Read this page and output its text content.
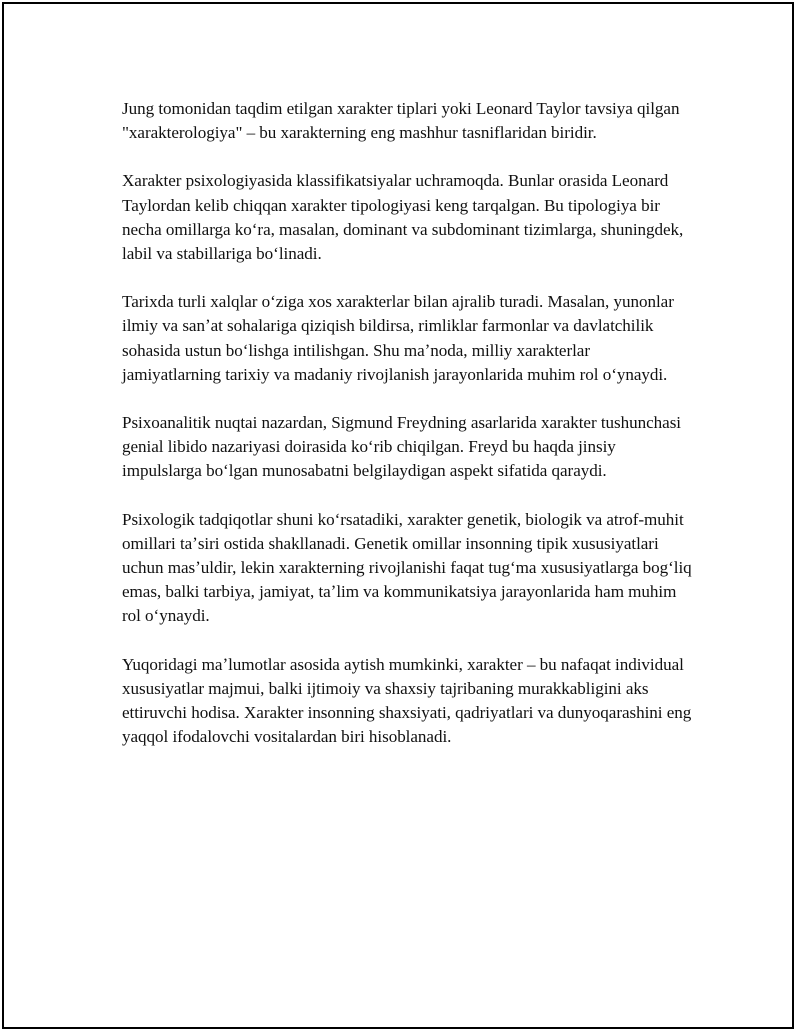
Jung tomonidan taqdim etilgan xarakter tiplari yoki Leonard Taylor tavsiya qilgan "xarakterologiya" – bu xarakterning eng mashhur tasniflaridan biridir.

Xarakter psixologiyasida klassifikatsiyalar uchramoqda. Bunlar orasida Leonard Taylordan kelib chiqqan xarakter tipologiyasi keng tarqalgan. Bu tipologiya bir necha omillarga koʻra, masalan, dominant va subdominant tizimlarga, shuningdek, labil va stabillariga boʻlinadi.

Tarixda turli xalqlar oʻziga xos xarakterlar bilan ajralib turadi. Masalan, yunonlar ilmiy va sanʼat sohalariga qiziqish bildirsa, rimliklar farmonlar va davlatchilik sohasida ustun boʻlishga intilishgan. Shu maʼnoda, milliy xarakterlar jamiyatlarning tarixiy va madaniy rivojlanish jarayonlarida muhim rol oʻynaydi.

Psixoanalitik nuqtai nazardan, Sigmund Freydning asarlarida xarakter tushunchasi genial libido nazariyasi doirasida koʻrib chiqilgan. Freyd bu haqda jinsiy impulslarga boʻlgan munosabatni belgilaydigan aspekt sifatida qaraydi.

Psixologik tadqiqotlar shuni koʻrsatadiki, xarakter genetik, biologik va atrof-muhit omillari taʼsiri ostida shakllanadi. Genetik omillar insonning tipik xususiyatlari uchun masʼuldir, lekin xarakterning rivojlanishi faqat tugʻma xususiyatlarga bogʻliq emas, balki tarbiya, jamiyat, taʼlim va kommunikatsiya jarayonlarida ham muhim rol oʻynaydi.

Yuqoridagi maʼlumotlar asosida aytish mumkinki, xarakter – bu nafaqat individual xususiyatlar majmui, balki ijtimoiy va shaxsiy tajribaning murakkabligini aks ettiruvchi hodisa. Xarakter insonning shaxsiyati, qadriyatlari va dunyoqarashini eng yaqqol ifodalovchi vositalardan biri hisoblanadi.
